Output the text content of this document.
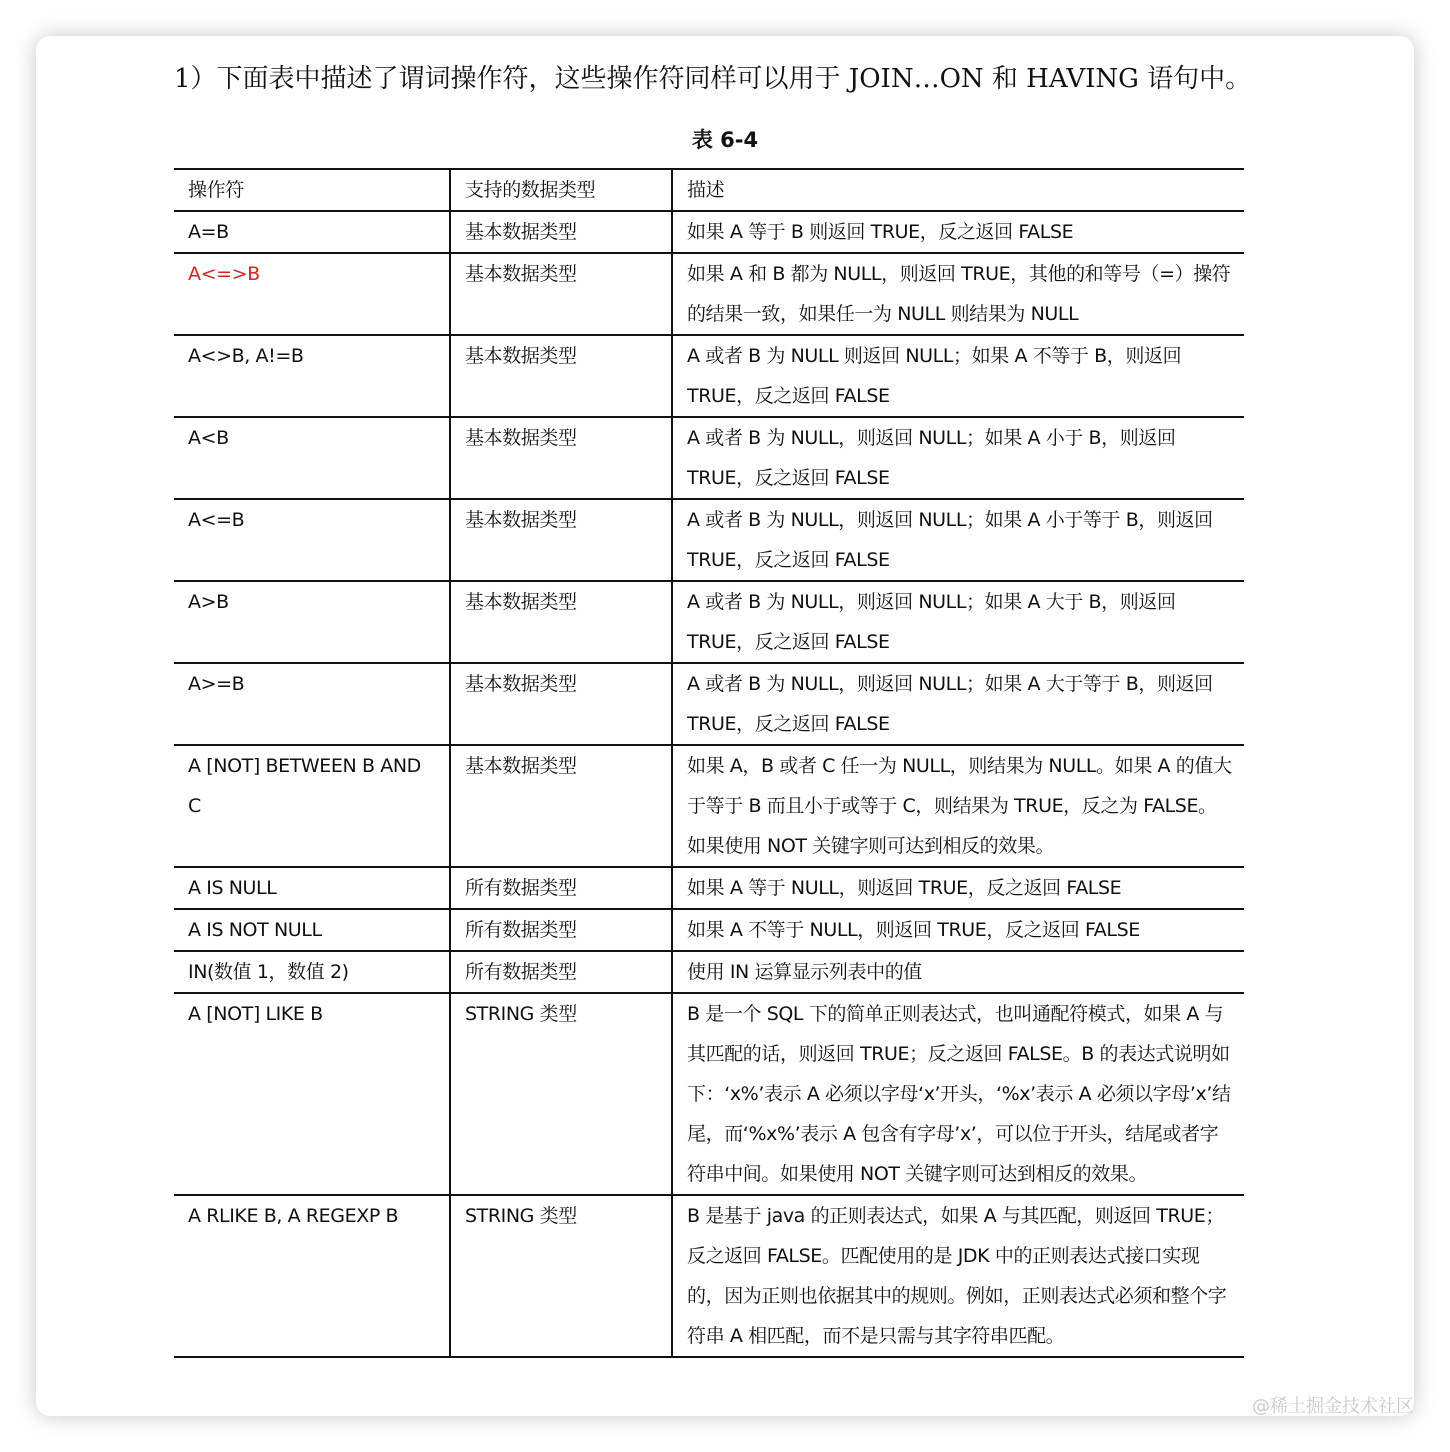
1）下面表中描述了谓词操作符，这些操作符同样可以用于 JOIN…ON 和 HAVING 语句中。
表 6-4
操作符	支持的数据类型	描述
A=B	基本数据类型	如果 A 等于 B 则返回 TRUE，反之返回 FALSE
A<=>B	基本数据类型	如果 A 和 B 都为 NULL，则返回 TRUE，其他的和等号（=）操符的结果一致，如果任一为 NULL 则结果为 NULL
A<>B, A!=B	基本数据类型	A 或者 B 为 NULL 则返回 NULL；如果 A 不等于 B，则返回 TRUE，反之返回 FALSE
A<B	基本数据类型	A 或者 B 为 NULL，则返回 NULL；如果 A 小于 B，则返回 TRUE，反之返回 FALSE
A<=B	基本数据类型	A 或者 B 为 NULL，则返回 NULL；如果 A 小于等于 B，则返回 TRUE，反之返回 FALSE
A>B	基本数据类型	A 或者 B 为 NULL，则返回 NULL；如果 A 大于 B，则返回 TRUE，反之返回 FALSE
A>=B	基本数据类型	A 或者 B 为 NULL，则返回 NULL；如果 A 大于等于 B，则返回 TRUE，反之返回 FALSE
A [NOT] BETWEEN B AND C	基本数据类型	如果 A，B 或者 C 任一为 NULL，则结果为 NULL。如果 A 的值大于等于 B 而且小于或等于 C，则结果为 TRUE，反之为 FALSE。如果使用 NOT 关键字则可达到相反的效果。
A IS NULL	所有数据类型	如果 A 等于 NULL，则返回 TRUE，反之返回 FALSE
A IS NOT NULL	所有数据类型	如果 A 不等于 NULL，则返回 TRUE，反之返回 FALSE
IN(数值 1，数值 2)	所有数据类型	使用 IN 运算显示列表中的值
A [NOT] LIKE B	STRING 类型	B 是一个 SQL 下的简单正则表达式，也叫通配符模式，如果 A 与其匹配的话，则返回 TRUE；反之返回 FALSE。B 的表达式说明如下：‘x%’表示 A 必须以字母‘x’开头，‘%x’表示 A 必须以字母’x’结尾，而‘%x%’表示 A 包含有字母’x’，可以位于开头，结尾或者字符串中间。如果使用 NOT 关键字则可达到相反的效果。
A RLIKE B, A REGEXP B	STRING 类型	B 是基于 java 的正则表达式，如果 A 与其匹配，则返回 TRUE；反之返回 FALSE。匹配使用的是 JDK 中的正则表达式接口实现的，因为正则也依据其中的规则。例如，正则表达式必须和整个字符串 A 相匹配，而不是只需与其字符串匹配。
@稀土掘金技术社区
